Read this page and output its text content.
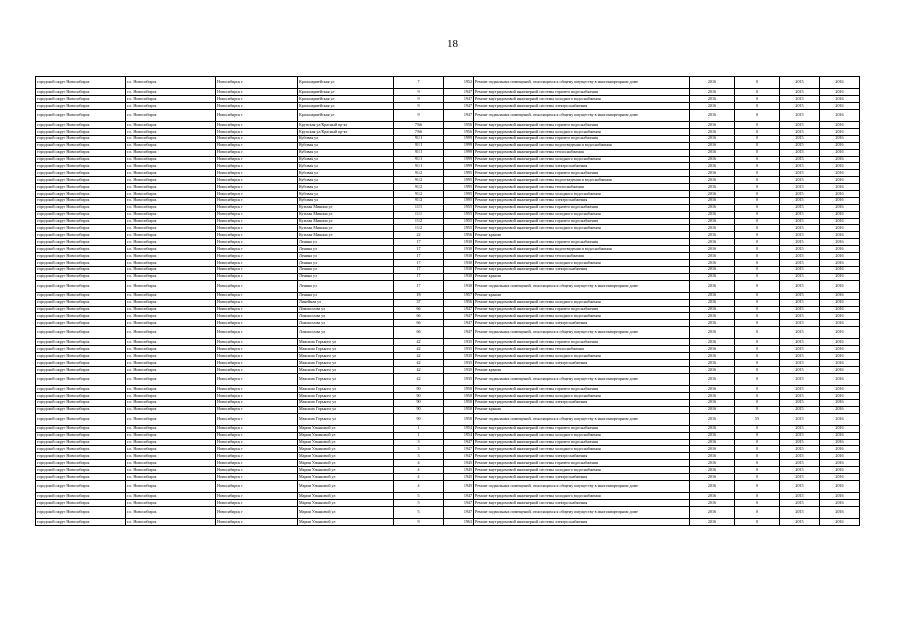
18
городской округ Новосибирск	г.о. Новосибирск	Новосибирск г	Красноармейская ул	7	1952	Ремонт подвальных помещений, относящихся к общему имуществу в многоквартирном доме	2016	0	2015	2016
городской округ Новосибирск	г.о. Новосибирск	Новосибирск г	Красноармейская ул	9	1947	Ремонт внутридомовой инженерной системы горячего водоснабжения	2016	0	2015	2016
городской округ Новосибирск	г.о. Новосибирск	Новосибирск г	Красноармейская ул	9	1947	Ремонт внутридомовой инженерной системы холодного водоснабжения	2016	0	2015	2016
городской округ Новосибирск	г.о. Новосибирск	Новосибирск г	Красноармейская ул	9	1947	Ремонт внутридомовой инженерной системы электроснабжения	2016	0	2015	2016
городской округ Новосибирск	г.о. Новосибирск	Новосибирск г	Красноармейская ул	9	1947	Ремонт подвальных помещений, относящихся к общему имуществу в многоквартирном доме	2016	0	2015	2016
городской округ Новосибирск	г.о. Новосибирск	Новосибирск г	Крупская ул/Красный пр-кт	7/66	1956	Ремонт внутридомовой инженерной системы горячего водоснабжения	2016	0	2015	2016
городской округ Новосибирск	г.о. Новосибирск	Новосибирск г	Крупская ул/Красный пр-кт	7/66	1956	Ремонт внутридомовой инженерной системы холодного водоснабжения	2016	0	2015	2016
городской округ Новосибирск	г.о. Новосибирск	Новосибирск г	Кубовая ул	91/1	1999	Ремонт внутридомовой инженерной системы горячего водоснабжения	2016	0	2015	2016
городской округ Новосибирск	г.о. Новосибирск	Новосибирск г	Кубовая ул	91/1	1999	Ремонт внутридомовой инженерной системы водоотведения и водоснабжения	2016	0	2015	2016
городской округ Новосибирск	г.о. Новосибирск	Новосибирск г	Кубовая ул	91/1	1999	Ремонт внутридомовой инженерной системы теплоснабжения	2016	0	2015	2016
городской округ Новосибирск	г.о. Новосибирск	Новосибирск г	Кубовая ул	91/1	1999	Ремонт внутридомовой инженерной системы холодного водоснабжения	2016	0	2015	2016
городской округ Новосибирск	г.о. Новосибирск	Новосибирск г	Кубовая ул	91/1	1999	Ремонт внутридомовой инженерной системы электроснабжения	2016	0	2015	2016
городской округ Новосибирск	г.о. Новосибирск	Новосибирск г	Кубовая ул	91/2	1995	Ремонт внутридомовой инженерной системы горячего водоснабжения	2016	0	2015	2016
городской округ Новосибирск	г.о. Новосибирск	Новосибирск г	Кубовая ул	91/2	1995	Ремонт внутридомовой инженерной системы водоотведения и водоснабжения	2016	0	2015	2016
городской округ Новосибирск	г.о. Новосибирск	Новосибирск г	Кубовая ул	91/2	1995	Ремонт внутридомовой инженерной системы теплоснабжения	2016	0	2015	2016
городской округ Новосибирск	г.о. Новосибирск	Новосибирск г	Кубовая ул	91/2	1995	Ремонт внутридомовой инженерной системы холодного водоснабжения	2016	0	2015	2016
городской округ Новосибирск	г.о. Новосибирск	Новосибирск г	Кубовая ул	91/2	1995	Ремонт внутридомовой инженерной системы электроснабжения	2016	0	2015	2016
городской округ Новосибирск	г.о. Новосибирск	Новосибирск г	Кузьмы Минина ул	11/1	1955	Ремонт внутридомовой инженерной системы горячего водоснабжения	2016	0	2015	2016
городской округ Новосибирск	г.о. Новосибирск	Новосибирск г	Кузьмы Минина ул	11/1	1955	Ремонт внутридомовой инженерной системы холодного водоснабжения	2016	0	2015	2016
городской округ Новосибирск	г.о. Новосибирск	Новосибирск г	Кузьмы Минина ул	11/2	1955	Ремонт внутридомовой инженерной системы горячего водоснабжения	2016	0	2015	2016
городской округ Новосибирск	г.о. Новосибирск	Новосибирск г	Кузьмы Минина ул	11/2	1955	Ремонт внутридомовой инженерной системы холодного водоснабжения	2016	0	2015	2016
городской округ Новосибирск	г.о. Новосибирск	Новосибирск г	Кузьмы Минина ул	22	1956	Ремонт крыши	2016	0	2015	2016
городской округ Новосибирск	г.о. Новосибирск	Новосибирск г	Ленина ул	17	1930	Ремонт внутридомовой инженерной системы горячего водоснабжения	2016	0	2015	2016
городской округ Новосибирск	г.о. Новосибирск	Новосибирск г	Ленина ул	17	1930	Ремонт внутридомовой инженерной системы водоотведения и водоснабжения	2016	0	2015	2016
городской округ Новосибирск	г.о. Новосибирск	Новосибирск г	Ленина ул	17	1930	Ремонт внутридомовой инженерной системы теплоснабжения	2016	0	2015	2016
городской округ Новосибирск	г.о. Новосибирск	Новосибирск г	Ленина ул	17	1930	Ремонт внутридомовой инженерной системы холодного водоснабжения	2016	0	2015	2016
городской округ Новосибирск	г.о. Новосибирск	Новосибирск г	Ленина ул	17	1930	Ремонт внутридомовой инженерной системы электроснабжения	2016	0	2015	2016
городской округ Новосибирск	г.о. Новосибирск	Новосибирск г	Ленина ул	17	1930	Ремонт крыши	2016	0	2015	2016
городской округ Новосибирск	г.о. Новосибирск	Новосибирск г	Ленина ул	17	1930	Ремонт подвальных помещений, относящихся к общему имуществу в многоквартирном доме	2016	0	2015	2016
городской округ Новосибирск	г.о. Новосибирск	Новосибирск г	Ленина ул	18	1957	Ремонт крыши	2016	0	2015	2016
городской округ Новосибирск	г.о. Новосибирск	Новосибирск г	Линейная ул	37	1956	Ремонт внутридомовой инженерной системы холодного водоснабжения	2016	0	2015	2016
городской округ Новосибирск	г.о. Новосибирск	Новосибирск г	Ломоносова ул	66	1947	Ремонт внутридомовой инженерной системы горячего водоснабжения	2016	0	2015	2016
городской округ Новосибирск	г.о. Новосибирск	Новосибирск г	Ломоносова ул	66	1947	Ремонт внутридомовой инженерной системы холодного водоснабжения	2016	0	2015	2016
городской округ Новосибирск	г.о. Новосибирск	Новосибирск г	Ломоносова ул	66	1947	Ремонт внутридомовой инженерной системы электроснабжения	2016	0	2015	2016
городской округ Новосибирск	г.о. Новосибирск	Новосибирск г	Ломоносова ул	66	1947	Ремонт подвальных помещений, относящихся к общему имуществу в многоквартирном доме	2016	0	2015	2016
городской округ Новосибирск	г.о. Новосибирск	Новосибирск г	Максима Горького ул	42	1935	Ремонт внутридомовой инженерной системы горячего водоснабжения	2016	0	2015	2016
городской округ Новосибирск	г.о. Новосибирск	Новосибирск г	Максима Горького ул	42	1935	Ремонт внутридомовой инженерной системы теплоснабжения	2016	0	2015	2016
городской округ Новосибирск	г.о. Новосибирск	Новосибирск г	Максима Горького ул	42	1935	Ремонт внутридомовой инженерной системы холодного водоснабжения	2016	0	2015	2016
городской округ Новосибирск	г.о. Новосибирск	Новосибирск г	Максима Горького ул	42	1935	Ремонт внутридомовой инженерной системы электроснабжения	2016	0	2015	2016
городской округ Новосибирск	г.о. Новосибирск	Новосибирск г	Максима Горького ул	42	1935	Ремонт крыши	2016	0	2015	2016
городской округ Новосибирск	г.о. Новосибирск	Новосибирск г	Максима Горького ул	42	1935	Ремонт подвальных помещений, относящихся к общему имуществу в многоквартирном доме	2016	0	2015	2016
городской округ Новосибирск	г.о. Новосибирск	Новосибирск г	Максима Горького ул	90	1950	Ремонт внутридомовой инженерной системы горячего водоснабжения	2016	0	2015	2016
городской округ Новосибирск	г.о. Новосибирск	Новосибирск г	Максима Горького ул	90	1950	Ремонт внутридомовой инженерной системы холодного водоснабжения	2016	0	2015	2016
городской округ Новосибирск	г.о. Новосибирск	Новосибирск г	Максима Горького ул	90	1950	Ремонт внутридомовой инженерной системы электроснабжения	2016	0	2015	2016
городской округ Новосибирск	г.о. Новосибирск	Новосибирск г	Максима Горького ул	90	1950	Ремонт крыши	2016	0	2015	2016
городской округ Новосибирск	г.о. Новосибирск	Новосибирск г	Максима Горького ул	90	1950	Ремонт подвальных помещений, относящихся к общему имуществу в многоквартирном доме	2016	55	2015	2016
городской округ Новосибирск	г.о. Новосибирск	Новосибирск г	Марии Ульяновой ул	1	1954	Ремонт внутридомовой инженерной системы горячего водоснабжения	2016	0	2015	2016
городской округ Новосибирск	г.о. Новосибирск	Новосибирск г	Марии Ульяновой ул	1	1954	Ремонт внутридомовой инженерной системы холодного водоснабжения	2016	0	2015	2016
городской округ Новосибирск	г.о. Новосибирск	Новосибирск г	Марии Ульяновой ул	3	1947	Ремонт внутридомовой инженерной системы горячего водоснабжения	2016	0	2015	2016
городской округ Новосибирск	г.о. Новосибирск	Новосибирск г	Марии Ульяновой ул	3	1947	Ремонт внутридомовой инженерной системы холодного водоснабжения	2016	0	2015	2016
городской округ Новосибирск	г.о. Новосибирск	Новосибирск г	Марии Ульяновой ул	3	1947	Ремонт внутридомовой инженерной системы электроснабжения	2016	0	2015	2016
городской округ Новосибирск	г.о. Новосибирск	Новосибирск г	Марии Ульяновой ул	4	1945	Ремонт внутридомовой инженерной системы горячего водоснабжения	2016	0	2015	2016
городской округ Новосибирск	г.о. Новосибирск	Новосибирск г	Марии Ульяновой ул	4	1945	Ремонт внутридомовой инженерной системы холодного водоснабжения	2016	0	2015	2016
городской округ Новосибирск	г.о. Новосибирск	Новосибирск г	Марии Ульяновой ул	4	1945	Ремонт внутридомовой инженерной системы электроснабжения	2016	0	2015	2016
городской округ Новосибирск	г.о. Новосибирск	Новосибирск г	Марии Ульяновой ул	4	1945	Ремонт подвальных помещений, относящихся к общему имуществу в многоквартирном доме	2016	0	2015	2016
городской округ Новосибирск	г.о. Новосибирск	Новосибирск г	Марии Ульяновой ул	5	1947	Ремонт внутридомовой инженерной системы холодного водоснабжения	2016	0	2015	2016
городской округ Новосибирск	г.о. Новосибирск	Новосибирск г	Марии Ульяновой ул	5	1947	Ремонт внутридомовой инженерной системы электроснабжения	2016	0	2015	2016
городской округ Новосибирск	г.о. Новосибирск	Новосибирск г	Марии Ульяновой ул	5	1947	Ремонт подвальных помещений, относящихся к общему имуществу в многоквартирном доме	2016	0	2015	2016
городской округ Новосибирск	г.о. Новосибирск	Новосибирск г	Марии Ульяновой ул	9	1963	Ремонт внутридомовой инженерной системы электроснабжения	2016	0	2015	2016
